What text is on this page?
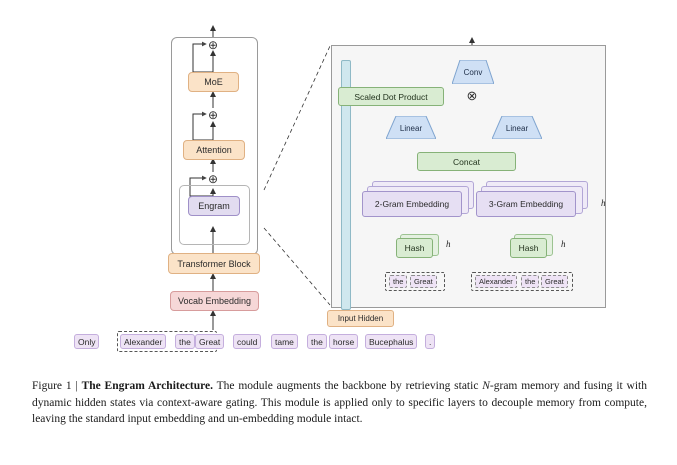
MoE
Attention
Engram
Transformer Block
Vocab Embedding
⊕
⊕
⊕
Only	Alexander the Great could tame the horse Bucephalus .
Conv
Scaled Dot Product	⊗
Linear	Linear
Concat
2-Gram Embedding	3-Gram Embedding	h
Hash	Hash
h	h
the Great	Alexander the Great
Input Hidden
Figure 1 | The Engram Architecture. The module augments the backbone by retrieving static N-gram memory and fusing it with dynamic hidden states via context-aware gating. This module is applied only to specific layers to decouple memory from compute, leaving the standard input embedding and un-embedding module intact.
